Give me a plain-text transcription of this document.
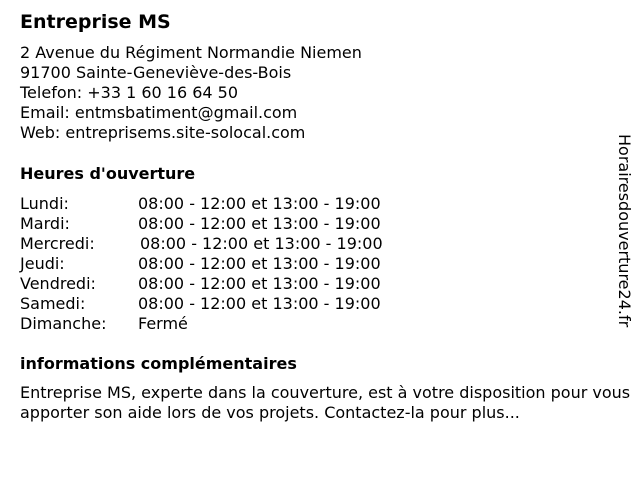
Entreprise MS
2 Avenue du Régiment Normandie Niemen
91700 Sainte-Geneviève-des-Bois
Telefon: +33 1 60 16 64 50
Email: entmsbatiment@gmail.com
Web: entreprisems.site-solocal.com
Heures d'ouverture
Lundi:	08:00 - 12:00 et 13:00 - 19:00
Mardi:	08:00 - 12:00 et 13:00 - 19:00
Mercredi:	08:00 - 12:00 et 13:00 - 19:00
Jeudi:	08:00 - 12:00 et 13:00 - 19:00
Vendredi:	08:00 - 12:00 et 13:00 - 19:00
Samedi:	08:00 - 12:00 et 13:00 - 19:00
Dimanche: Fermé
informations complémentaires
Entreprise MS, experte dans la couverture, est à votre disposition pour vous apporter son aide lors de vos projets. Contactez-la pour plus...
Horairesdouverture24.fr
